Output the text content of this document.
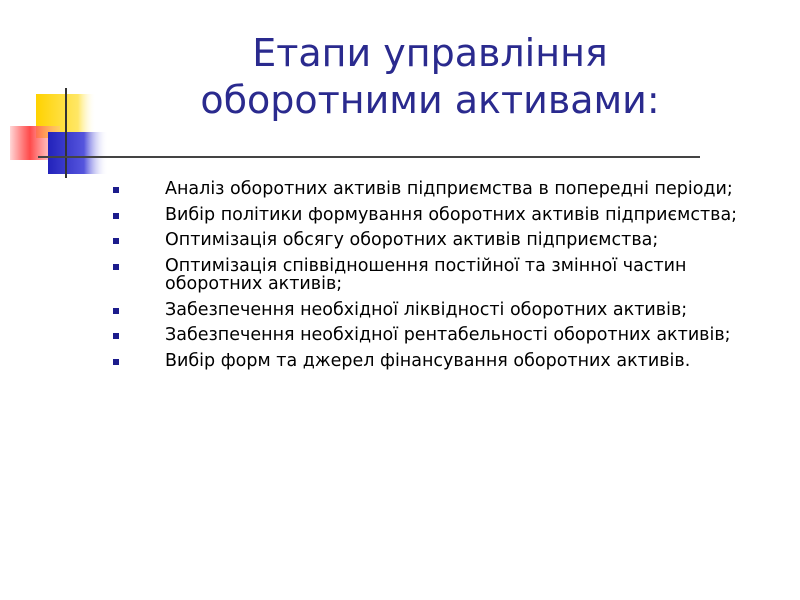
Етапи управління
оборотними активами:
Аналіз оборотних активів підприємства в попередні періоди;
Вибір політики формування оборотних активів підприємства;
Оптимізація обсягу оборотних активів підприємства;
Оптимізація співвідношення постійної та змінної частин оборотних активів;
Забезпечення необхідної ліквідності оборотних активів;
Забезпечення необхідної рентабельності оборотних активів;
Вибір форм та джерел фінансування оборотних активів.
